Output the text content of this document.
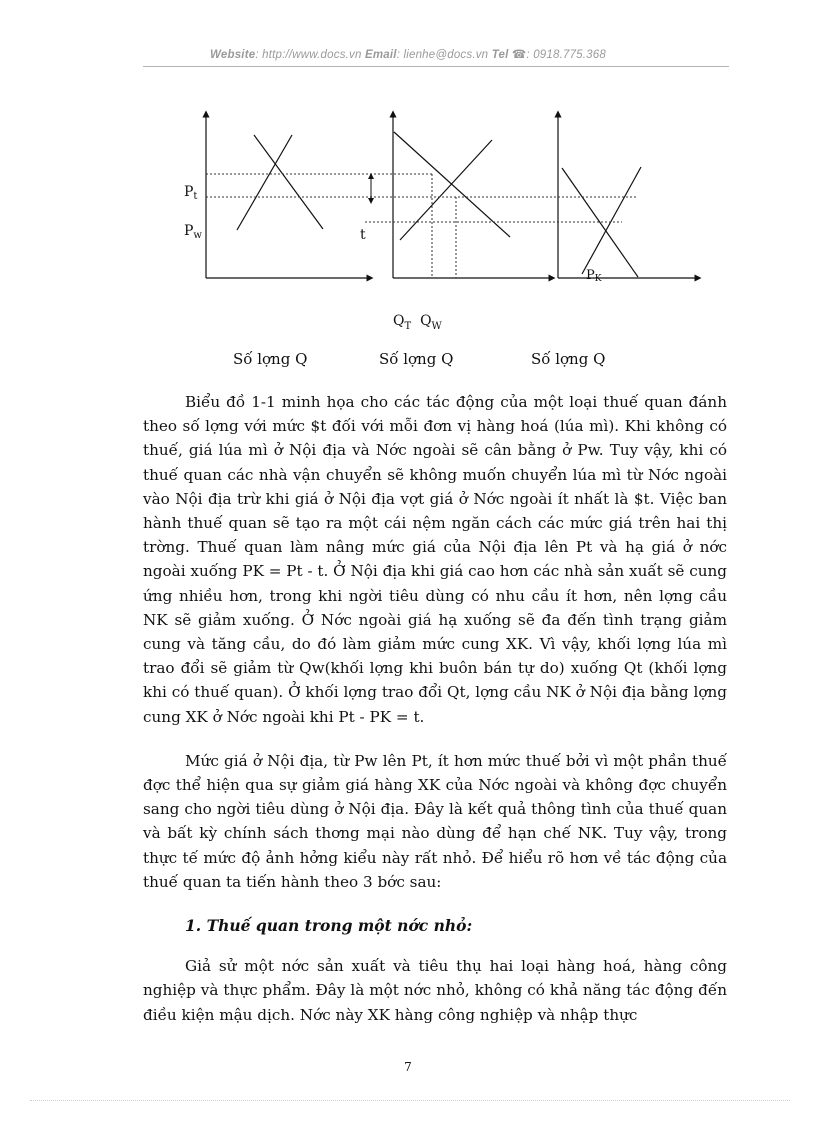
Website: http://www.docs.vn Email: lienhe@docs.vn Tel ☎: 0918.775.368
$P_t$
$P_w$	t
PK
$Q_T$ $Q_W$
Số lợng Q	Số lợng Q	Số lợng Q

Biểu đồ 1-1 minh họa cho các tác động của một loại thuế quan đánh theo số lợng với mức $t đối với mỗi đơn vị hàng hoá (lúa mì). Khi không có thuế, giá lúa mì ở Nội địa và Nớc ngoài sẽ cân bằng ở Pw. Tuy vậy, khi có thuế quan các nhà vận chuyển sẽ không muốn chuyển lúa mì từ Nớc ngoài vào Nội địa trừ khi giá ở Nội địa vợt giá ở Nớc ngoài ít nhất là $t. Việc ban hành thuế quan sẽ tạo ra một cái nệm ngăn cách các mức giá trên hai thị trờng. Thuế quan làm nâng mức giá của Nội địa lên Pt và hạ giá ở nớc ngoài xuống PK = Pt - t. Ở Nội địa khi giá cao hơn các nhà sản xuất sẽ cung ứng nhiều hơn, trong khi ngời tiêu dùng có nhu cầu ít hơn, nên lợng cầu NK sẽ giảm xuống. Ở Nớc ngoài giá hạ xuống sẽ đa đến tình trạng giảm cung và tăng cầu, do đó làm giảm mức cung XK. Vì vậy, khối lợng lúa mì trao đổi sẽ giảm từ Qw(khối lợng khi buôn bán tự do) xuống Qt (khối lợng khi có thuế quan). Ở khối lợng trao đổi Qt, lợng cầu NK ở Nội địa bằng lợng cung XK ở Nớc ngoài khi Pt - PK = t.

Mức giá ở Nội địa, từ Pw lên Pt, ít hơn mức thuế bởi vì một phần thuế đợc thể hiện qua sự giảm giá hàng XK của Nớc ngoài và không đợc chuyển sang cho ngời tiêu dùng ở Nội địa. Đây là kết quả thông tình của thuế quan và bất kỳ chính sách thơng mại nào dùng để hạn chế NK. Tuy vậy, trong thực tế mức độ ảnh hởng kiểu này rất nhỏ. Để hiểu rõ hơn về tác động của thuế quan ta tiến hành theo 3 bớc sau:

1. Thuế quan trong một nớc nhỏ:

Giả sử một nớc sản xuất và tiêu thụ hai loại hàng hoá, hàng công nghiệp và thực phẩm. Đây là một nớc nhỏ, không có khả năng tác động đến điều kiện mậu dịch. Nớc này XK hàng công nghiệp và nhập thực

7
